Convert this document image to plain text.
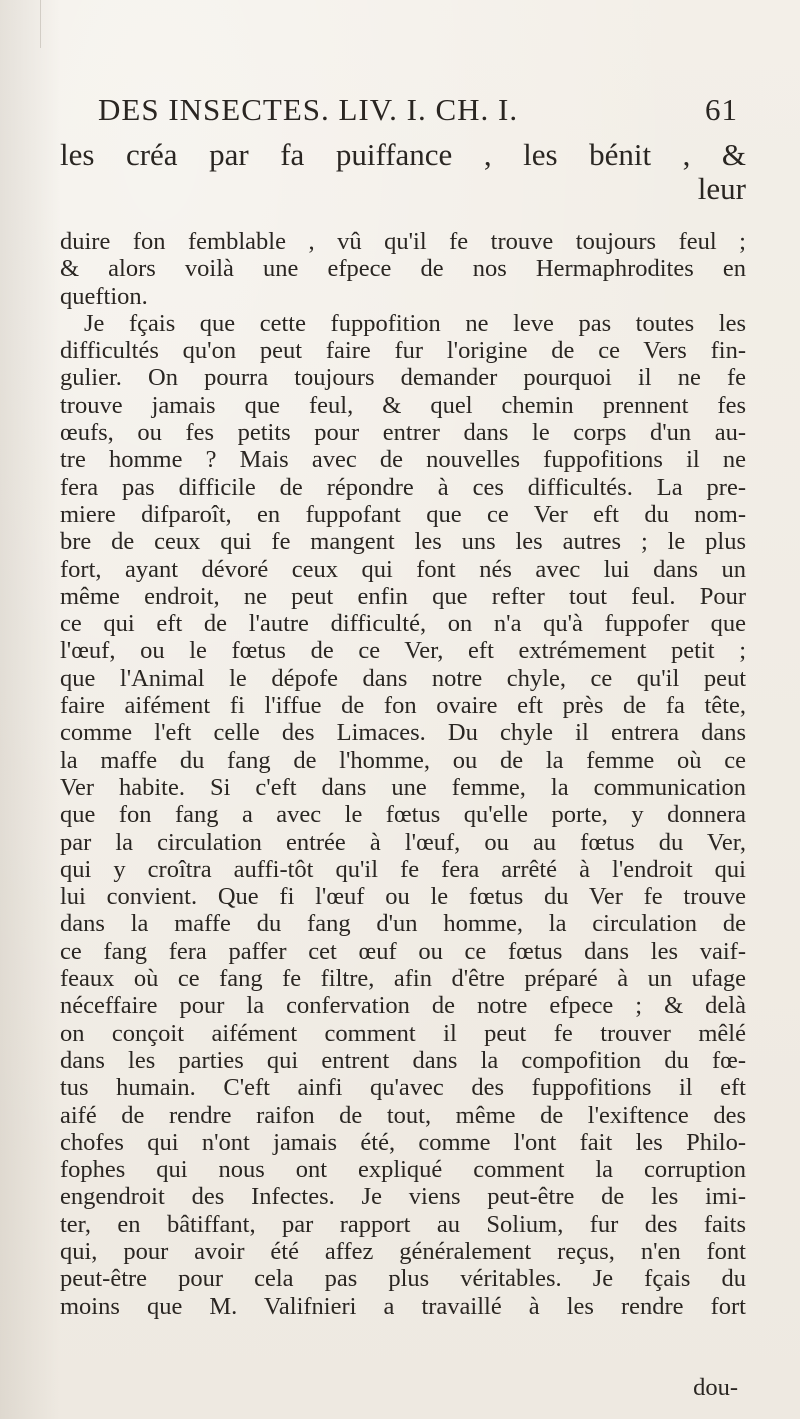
DES INSECTES. LIV. I. CH. I.	61
les créa par fa puiffance , les bénit , &
leur
duire fon femblable , vû qu'il fe trouve toujours feul ;
& alors voilà une efpece de nos Hermaphrodites en
queftion.
Je fçais que cette fuppofition ne leve pas toutes les
difficultés qu'on peut faire fur l'origine de ce Vers fin-
gulier. On pourra toujours demander pourquoi il ne fe
trouve jamais que feul, & quel chemin prennent fes
œufs, ou fes petits pour entrer dans le corps d'un au-
tre homme ? Mais avec de nouvelles fuppofitions il ne
fera pas difficile de répondre à ces difficultés. La pre-
miere difparoît, en fuppofant que ce Ver eft du nom-
bre de ceux qui fe mangent les uns les autres ; le plus
fort, ayant dévoré ceux qui font nés avec lui dans un
même endroit, ne peut enfin que refter tout feul. Pour
ce qui eft de l'autre difficulté, on n'a qu'à fuppofer que
l'œuf, ou le fœtus de ce Ver, eft extrémement petit ;
que l'Animal le dépofe dans notre chyle, ce qu'il peut
faire aifément fi l'iffue de fon ovaire eft près de fa tête,
comme l'eft celle des Limaces. Du chyle il entrera dans
la maffe du fang de l'homme, ou de la femme où ce
Ver habite. Si c'eft dans une femme, la communication
que fon fang a avec le fœtus qu'elle porte, y donnera
par la circulation entrée à l'œuf, ou au fœtus du Ver,
qui y croîtra auffi-tôt qu'il fe fera arrêté à l'endroit qui
lui convient. Que fi l'œuf ou le fœtus du Ver fe trouve
dans la maffe du fang d'un homme, la circulation de
ce fang fera paffer cet œuf ou ce fœtus dans les vaif-
feaux où ce fang fe filtre, afin d'être préparé à un ufage
néceffaire pour la confervation de notre efpece ; & delà
on conçoit aifément comment il peut fe trouver mêlé
dans les parties qui entrent dans la compofition du fœ-
tus humain. C'eft ainfi qu'avec des fuppofitions il eft
aifé de rendre raifon de tout, même de l'exiftence des
chofes qui n'ont jamais été, comme l'ont fait les Philo-
fophes qui nous ont expliqué comment la corruption
engendroit des Infectes. Je viens peut-être de les imi-
ter, en bâtiffant, par rapport au Solium, fur des faits
qui, pour avoir été affez généralement reçus, n'en font
peut-être pour cela pas plus véritables. Je fçais du
moins que M. Valifnieri a travaillé à les rendre fort
dou-
